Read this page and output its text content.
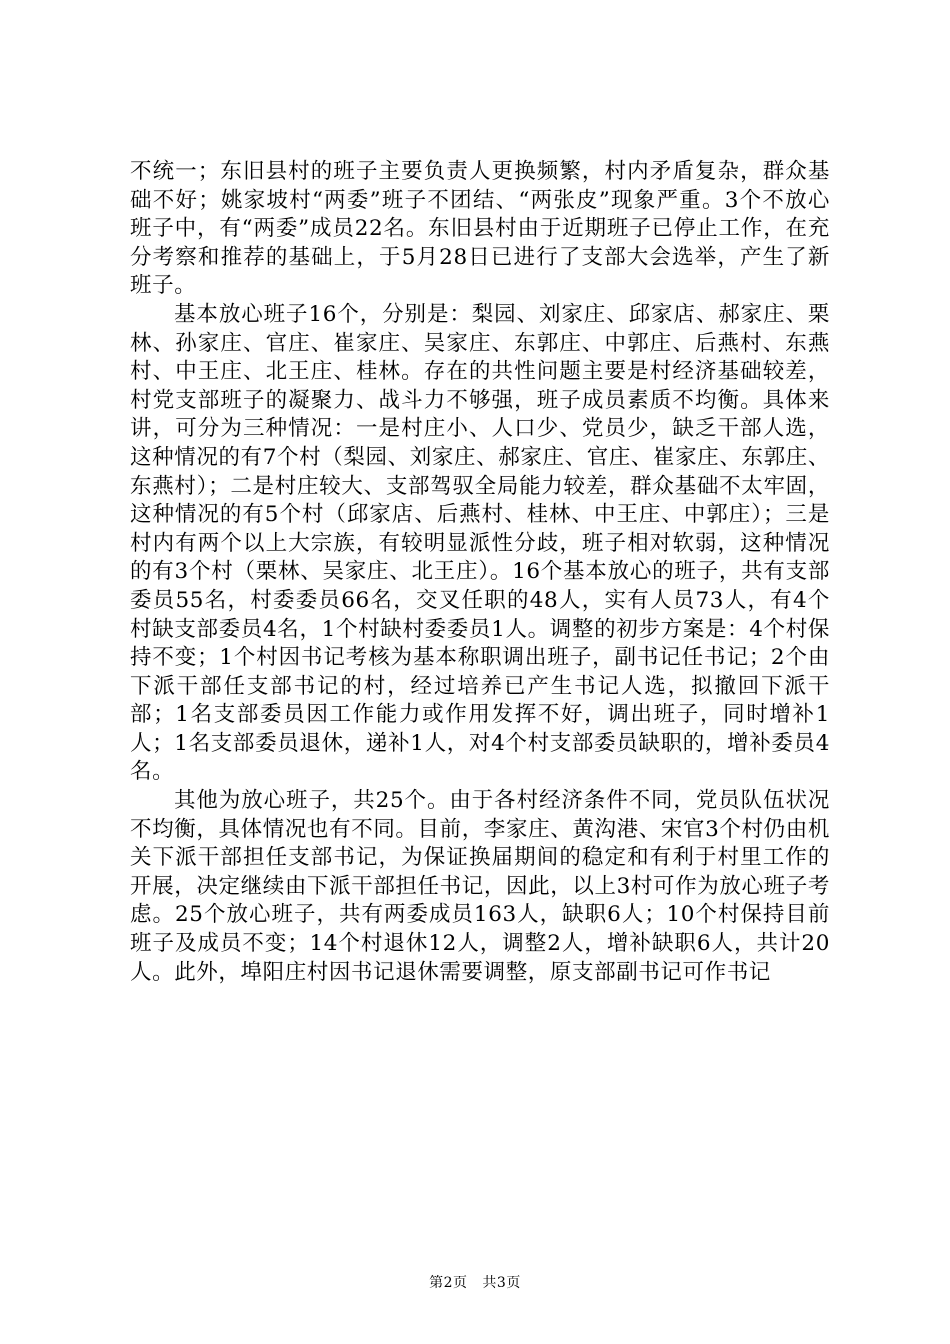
不统一；东旧县村的班子主要负责人更换频繁，村内矛盾复杂，群众基础不好；姚家坡村“两委”班子不团结、“两张皮”现象严重。3个不放心班子中，有“两委”成员22名。东旧县村由于近期班子已停止工作，在充分考察和推荐的基础上，于5月28日已进行了支部大会选举，产生了新班子。

基本放心班子16个，分别是：梨园、刘家庄、邱家店、郝家庄、栗林、孙家庄、官庄、崔家庄、吴家庄、东郭庄、中郭庄、后燕村、东燕村、中王庄、北王庄、桂林。存在的共性问题主要是村经济基础较差，村党支部班子的凝聚力、战斗力不够强，班子成员素质不均衡。具体来讲，可分为三种情况：一是村庄小、人口少、党员少，缺乏干部人选，这种情况的有7个村（梨园、刘家庄、郝家庄、官庄、崔家庄、东郭庄、东燕村）；二是村庄较大、支部驾驭全局能力较差，群众基础不太牢固，这种情况的有5个村（邱家店、后燕村、桂林、中王庄、中郭庄）；三是村内有两个以上大宗族，有较明显派性分歧，班子相对软弱，这种情况的有3个村（栗林、吴家庄、北王庄）。16个基本放心的班子，共有支部委员55名，村委委员66名，交叉任职的48人，实有人员73人，有4个村缺支部委员4名，1个村缺村委委员1人。调整的初步方案是：4个村保持不变；1个村因书记考核为基本称职调出班子，副书记任书记；2个由下派干部任支部书记的村，经过培养已产生书记人选，拟撤回下派干部；1名支部委员因工作能力或作用发挥不好，调出班子，同时增补1人；1名支部委员退休，递补1人，对4个村支部委员缺职的，增补委员4名。

其他为放心班子，共25个。由于各村经济条件不同，党员队伍状况不均衡，具体情况也有不同。目前，李家庄、黄沟港、宋官3个村仍由机关下派干部担任支部书记，为保证换届期间的稳定和有利于村里工作的开展，决定继续由下派干部担任书记，因此，以上3村可作为放心班子考虑。25个放心班子，共有两委成员163人，缺职6人；10个村保持目前班子及成员不变；14个村退休12人，调整2人，增补缺职6人，共计20人。此外，埠阳庄村因书记退休需要调整，原支部副书记可作书记

第2页 共3页
